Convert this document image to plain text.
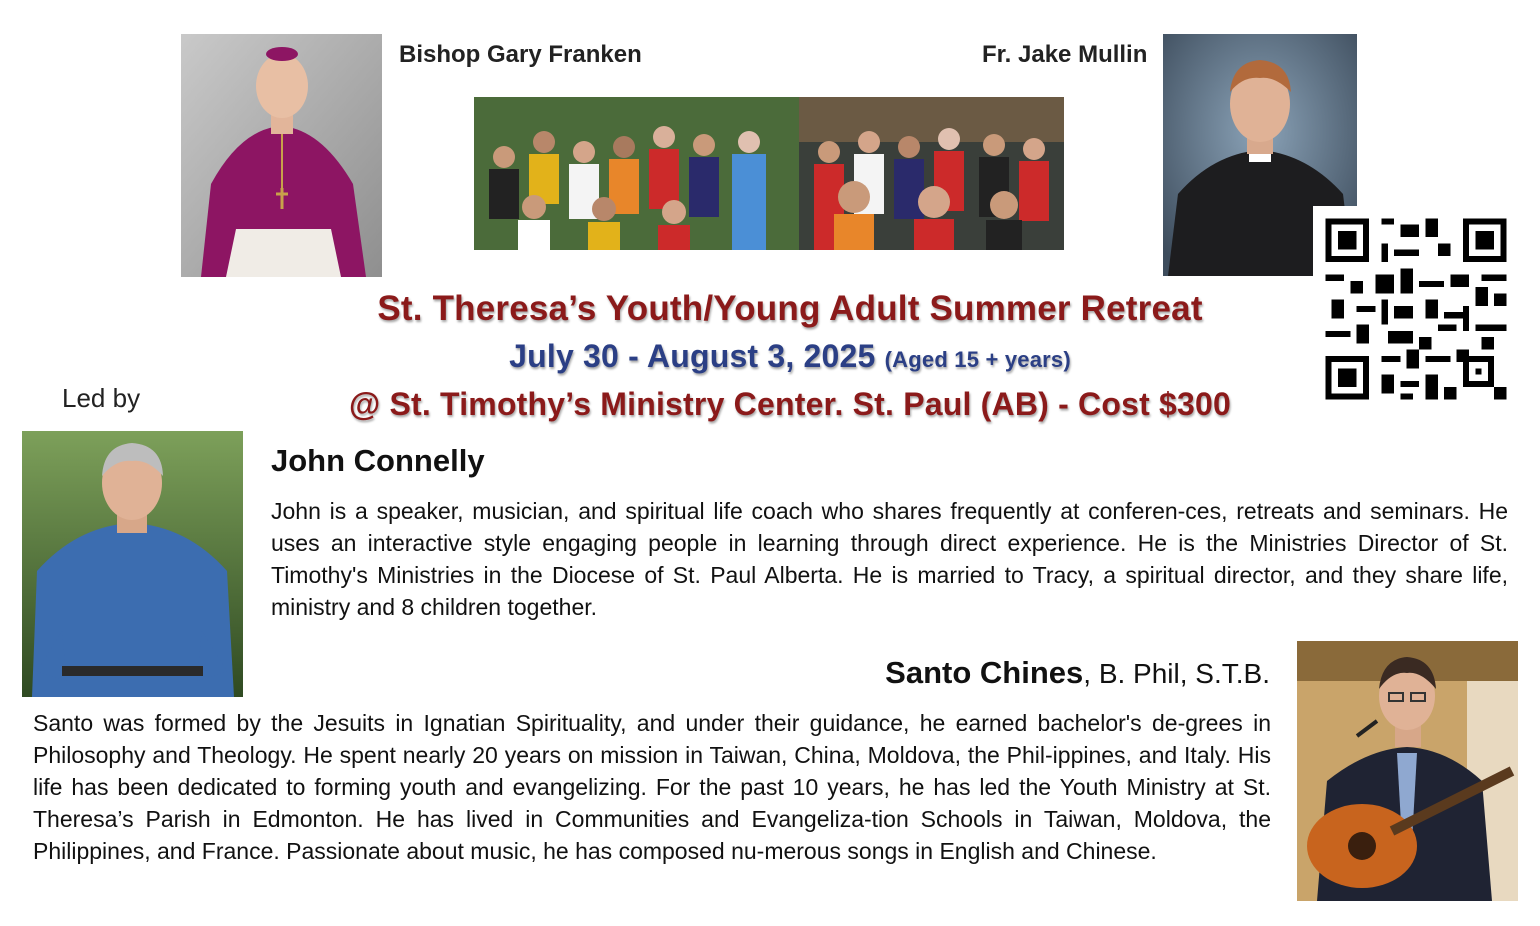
Bishop Gary Franken	Fr. Jake Mullin
St. Theresa’s Youth/Young Adult Summer Retreat
July 30 - August 3, 2025 (Aged 15 + years)
@ St. Timothy’s Ministry Center. St. Paul (AB) - Cost $300
Led by
John Connelly
John is a speaker, musician, and spiritual life coach who shares frequently at conferen-ces, retreats and seminars. He uses an interactive style engaging people in learning through direct experience. He is the Ministries Director of St. Timothy's Ministries in the Diocese of St. Paul Alberta. He is married to Tracy, a spiritual director, and they share life, ministry and 8 children together.
Santo Chines, B. Phil, S.T.B.
Santo was formed by the Jesuits in Ignatian Spirituality, and under their guidance, he earned bachelor's de-grees in Philosophy and Theology. He spent nearly 20 years on mission in Taiwan, China, Moldova, the Phil-ippines, and Italy. His life has been dedicated to forming youth and evangelizing. For the past 10 years, he has led the Youth Ministry at St. Theresa’s Parish in Edmonton. He has lived in Communities and Evangeliza-tion Schools in Taiwan, Moldova, the Philippines, and France. Passionate about music, he has composed nu-merous songs in English and Chinese.
